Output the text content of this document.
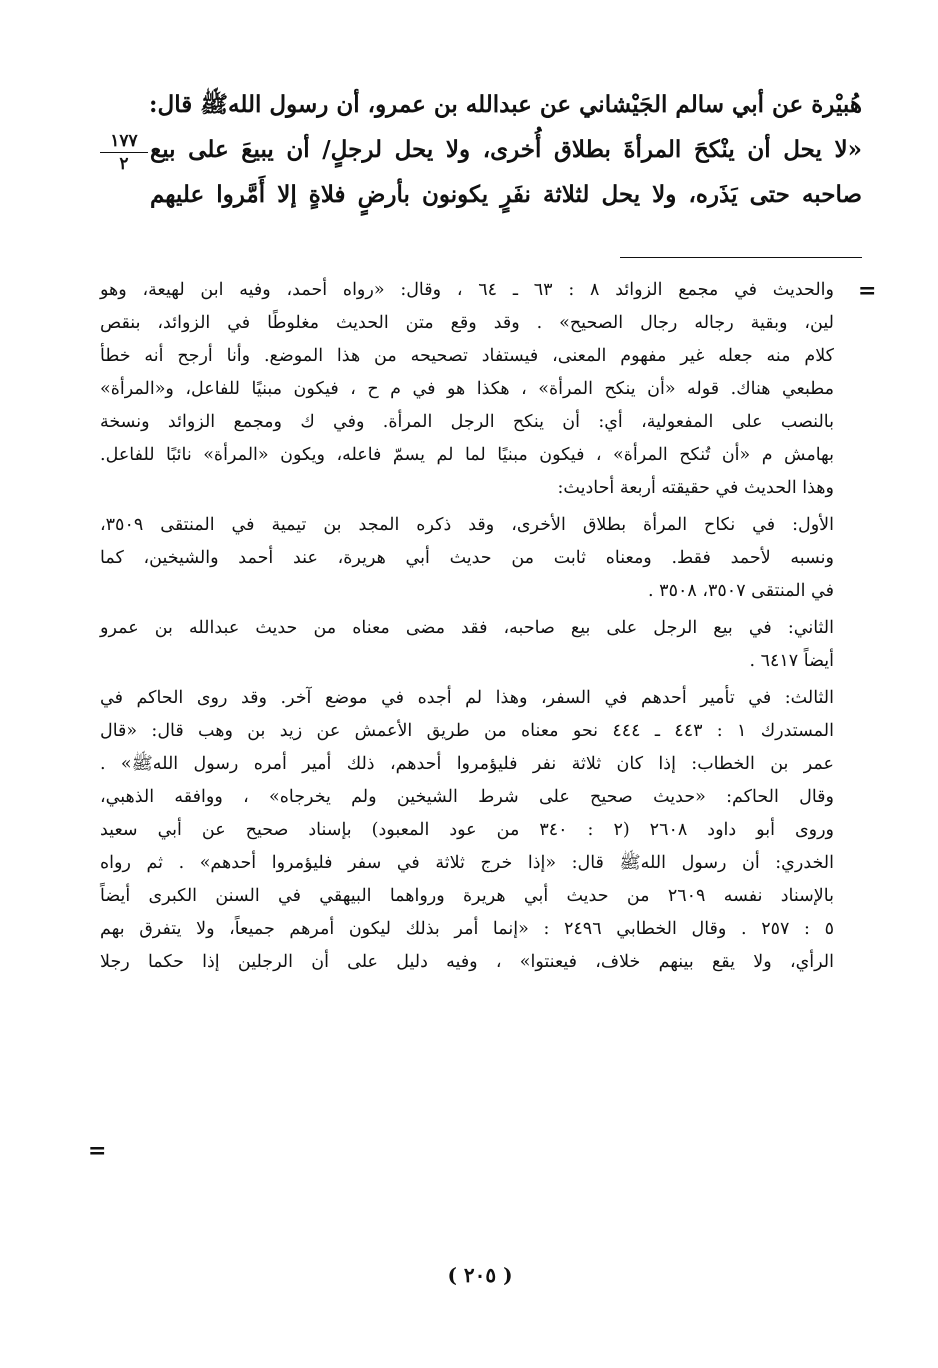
هُبيْرة عن أبي سالم الجَيْشاني عن عبدالله بن عمرو، أن رسول اللهﷺ قال:
«لا يحل أن ينْكحَ المرأةَ بطلاق أُخرى، ولا يحل لرجلٍ/ أن يبيعَ على بيع
صاحبه حتى يَذَره، ولا يحل لثلاثة نفَرٍ يكونون بأرضٍ فلاةٍ إلا أَمَّروا عليهم
١٧٧
٢
=
والحديث في مجمع الزوائد ٨ : ٦٣ ـ ٦٤ ، وقال: «رواه أحمد، وفيه ابن لهيعة، وهو
لين، وبقية رجاله رجال الصحيح» . وقد وقع متن الحديث مغلوطًا في الزوائد، بنقص
كلام منه جعله غير مفهوم المعنى، فيستفاد تصحيحه من هذا الموضع. وأنا أرجح أنه خطأ
مطبعي هناك. قوله «أن ينكح المرأة» ، هكذا هو في م ح ، فيكون مبنيًا للفاعل، و«المرأة»
بالنصب على المفعولية، أي: أن ينكح الرجل المرأة. وفي ك ومجمع الزوائد ونسخة
بهامش م «أن تُنكح المرأة» ، فيكون مبنيًا لما لم يسمّ فاعله، ويكون «المرأة» نائبًا للفاعل.
وهذا الحديث في حقيقته أربعة أحاديث:
الأول: في نكاح المرأة بطلاق الأخرى، وقد ذكره المجد بن تيمية في المنتقى ٣٥٠٩،
ونسبه لأحمد فقط. ومعناه ثابت من حديث أبي هريرة، عند أحمد والشيخين، كما
في المنتقى ٣٥٠٧، ٣٥٠٨ .
الثاني: في بيع الرجل على بيع صاحبه، فقد مضى معناه من حديث عبدالله بن عمرو
أيضاً ٦٤١٧ .
الثالث: في تأمير أحدهم في السفر، وهذا لم أجده في موضع آخر. وقد روى الحاكم في
المستدرك ١ : ٤٤٣ ـ ٤٤٤ نحو معناه من طريق الأعمش عن زيد بن وهب قال: «قال
عمر بن الخطاب: إذا كان ثلاثة نفر فليؤمروا أحدهم، ذلك أمير أمره رسول اللهﷺ» .
وقال الحاكم: «حديث صحيح على شرط الشيخين ولم يخرجاه» ، ووافقه الذهبي،
وروى أبو داود ٢٦٠٨ (٢ : ٣٤٠ من عود المعبود) بإسناد صحيح عن أبي سعيد
الخدري: أن رسول اللهﷺ قال: «إذا خرج ثلاثة في سفر فليؤمروا أحدهم» . ثم رواه
بالإسناد نفسه ٢٦٠٩ من حديث أبي هريرة ورواهما البيهقي في السنن الكبرى أيضاً
٥ : ٢٥٧ . وقال الخطابي ٢٤٩٦ : «إنما أمر بذلك ليكون أمرهم جميعاً، ولا يتفرق بهم
الرأي، ولا يقع بينهم خلاف، فيعنتوا» ، وفيه دليل على أن الرجلين إذا حكما رجلا
=
( ٢٠٥ )
